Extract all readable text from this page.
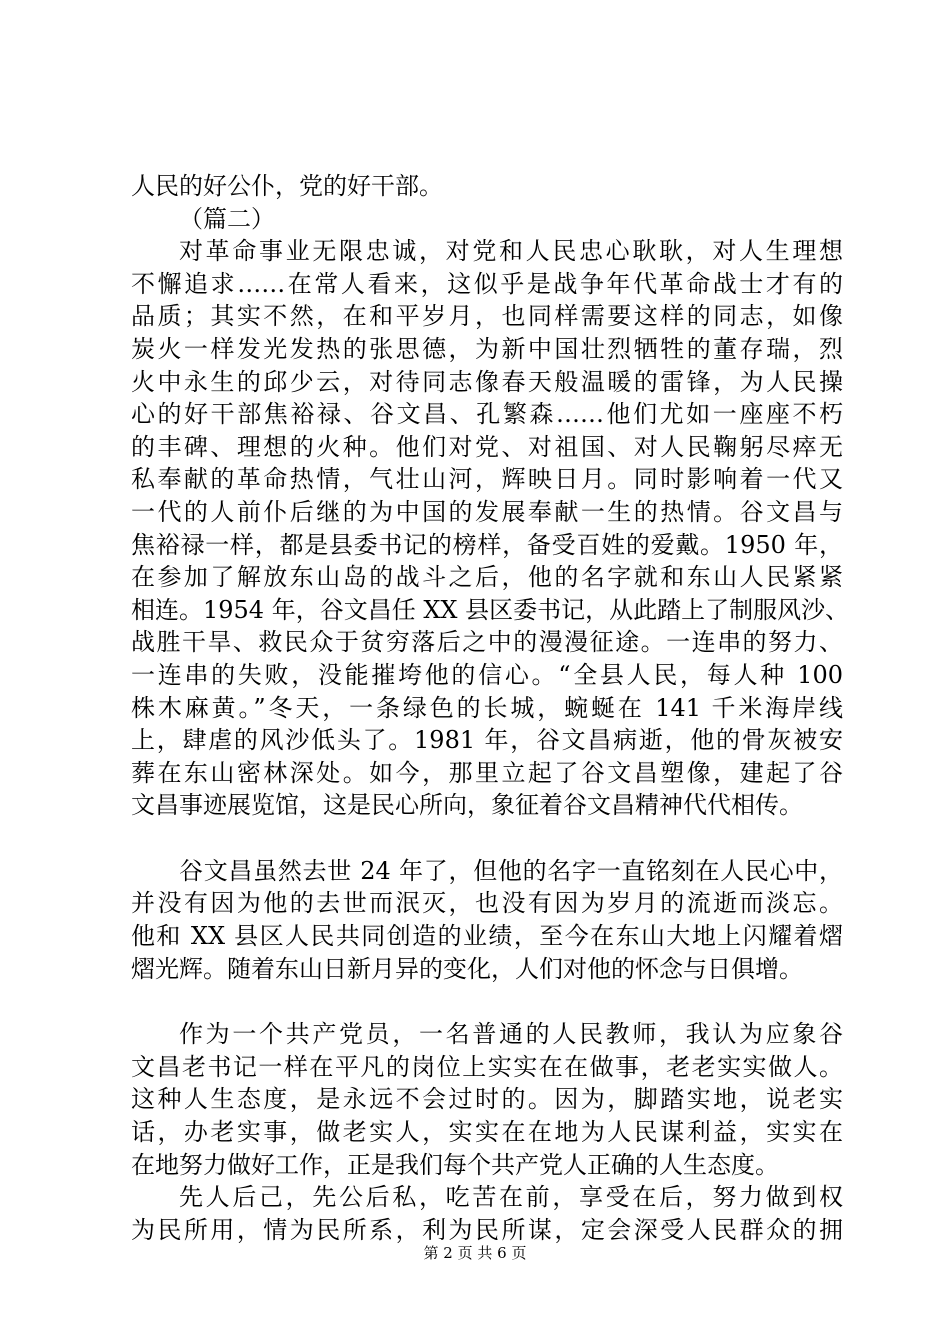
人民的好公仆，党的好干部。
（篇二）
对革命事业无限忠诚，对党和人民忠心耿耿，对人生理想
不懈追求……在常人看来，这似乎是战争年代革命战士才有的
品质；其实不然，在和平岁月，也同样需要这样的同志，如像
炭火一样发光发热的张思德，为新中国壮烈牺牲的董存瑞，烈
火中永生的邱少云，对待同志像春天般温暖的雷锋，为人民操
心的好干部焦裕禄、谷文昌、孔繁森……他们尤如一座座不朽
的丰碑、理想的火种。他们对党、对祖国、对人民鞠躬尽瘁无
私奉献的革命热情，气壮山河，辉映日月。同时影响着一代又
一代的人前仆后继的为中国的发展奉献一生的热情。谷文昌与
焦裕禄一样，都是县委书记的榜样，备受百姓的爱戴。1950 年，
在参加了解放东山岛的战斗之后，他的名字就和东山人民紧紧
相连。1954 年，谷文昌任 XX 县区委书记，从此踏上了制服风沙、
战胜干旱、救民众于贫穷落后之中的漫漫征途。一连串的努力、
一连串的失败，没能摧垮他的信心。“全县人民，每人种 100
株木麻黄。”冬天，一条绿色的长城，蜿蜒在 141 千米海岸线
上，肆虐的风沙低头了。1981 年，谷文昌病逝，他的骨灰被安
葬在东山密林深处。如今，那里立起了谷文昌塑像，建起了谷
文昌事迹展览馆，这是民心所向，象征着谷文昌精神代代相传。
谷文昌虽然去世 24 年了，但他的名字一直铭刻在人民心中，
并没有因为他的去世而泯灭，也没有因为岁月的流逝而淡忘。
他和 XX 县区人民共同创造的业绩，至今在东山大地上闪耀着熠
熠光辉。随着东山日新月异的变化，人们对他的怀念与日俱增。
作为一个共产党员，一名普通的人民教师，我认为应象谷
文昌老书记一样在平凡的岗位上实实在在做事，老老实实做人。
这种人生态度，是永远不会过时的。因为，脚踏实地，说老实
话，办老实事，做老实人，实实在在地为人民谋利益，实实在
在地努力做好工作，正是我们每个共产党人正确的人生态度。
先人后己，先公后私，吃苦在前，享受在后，努力做到权
为民所用，情为民所系，利为民所谋，定会深受人民群众的拥
第 2 页 共 6 页
